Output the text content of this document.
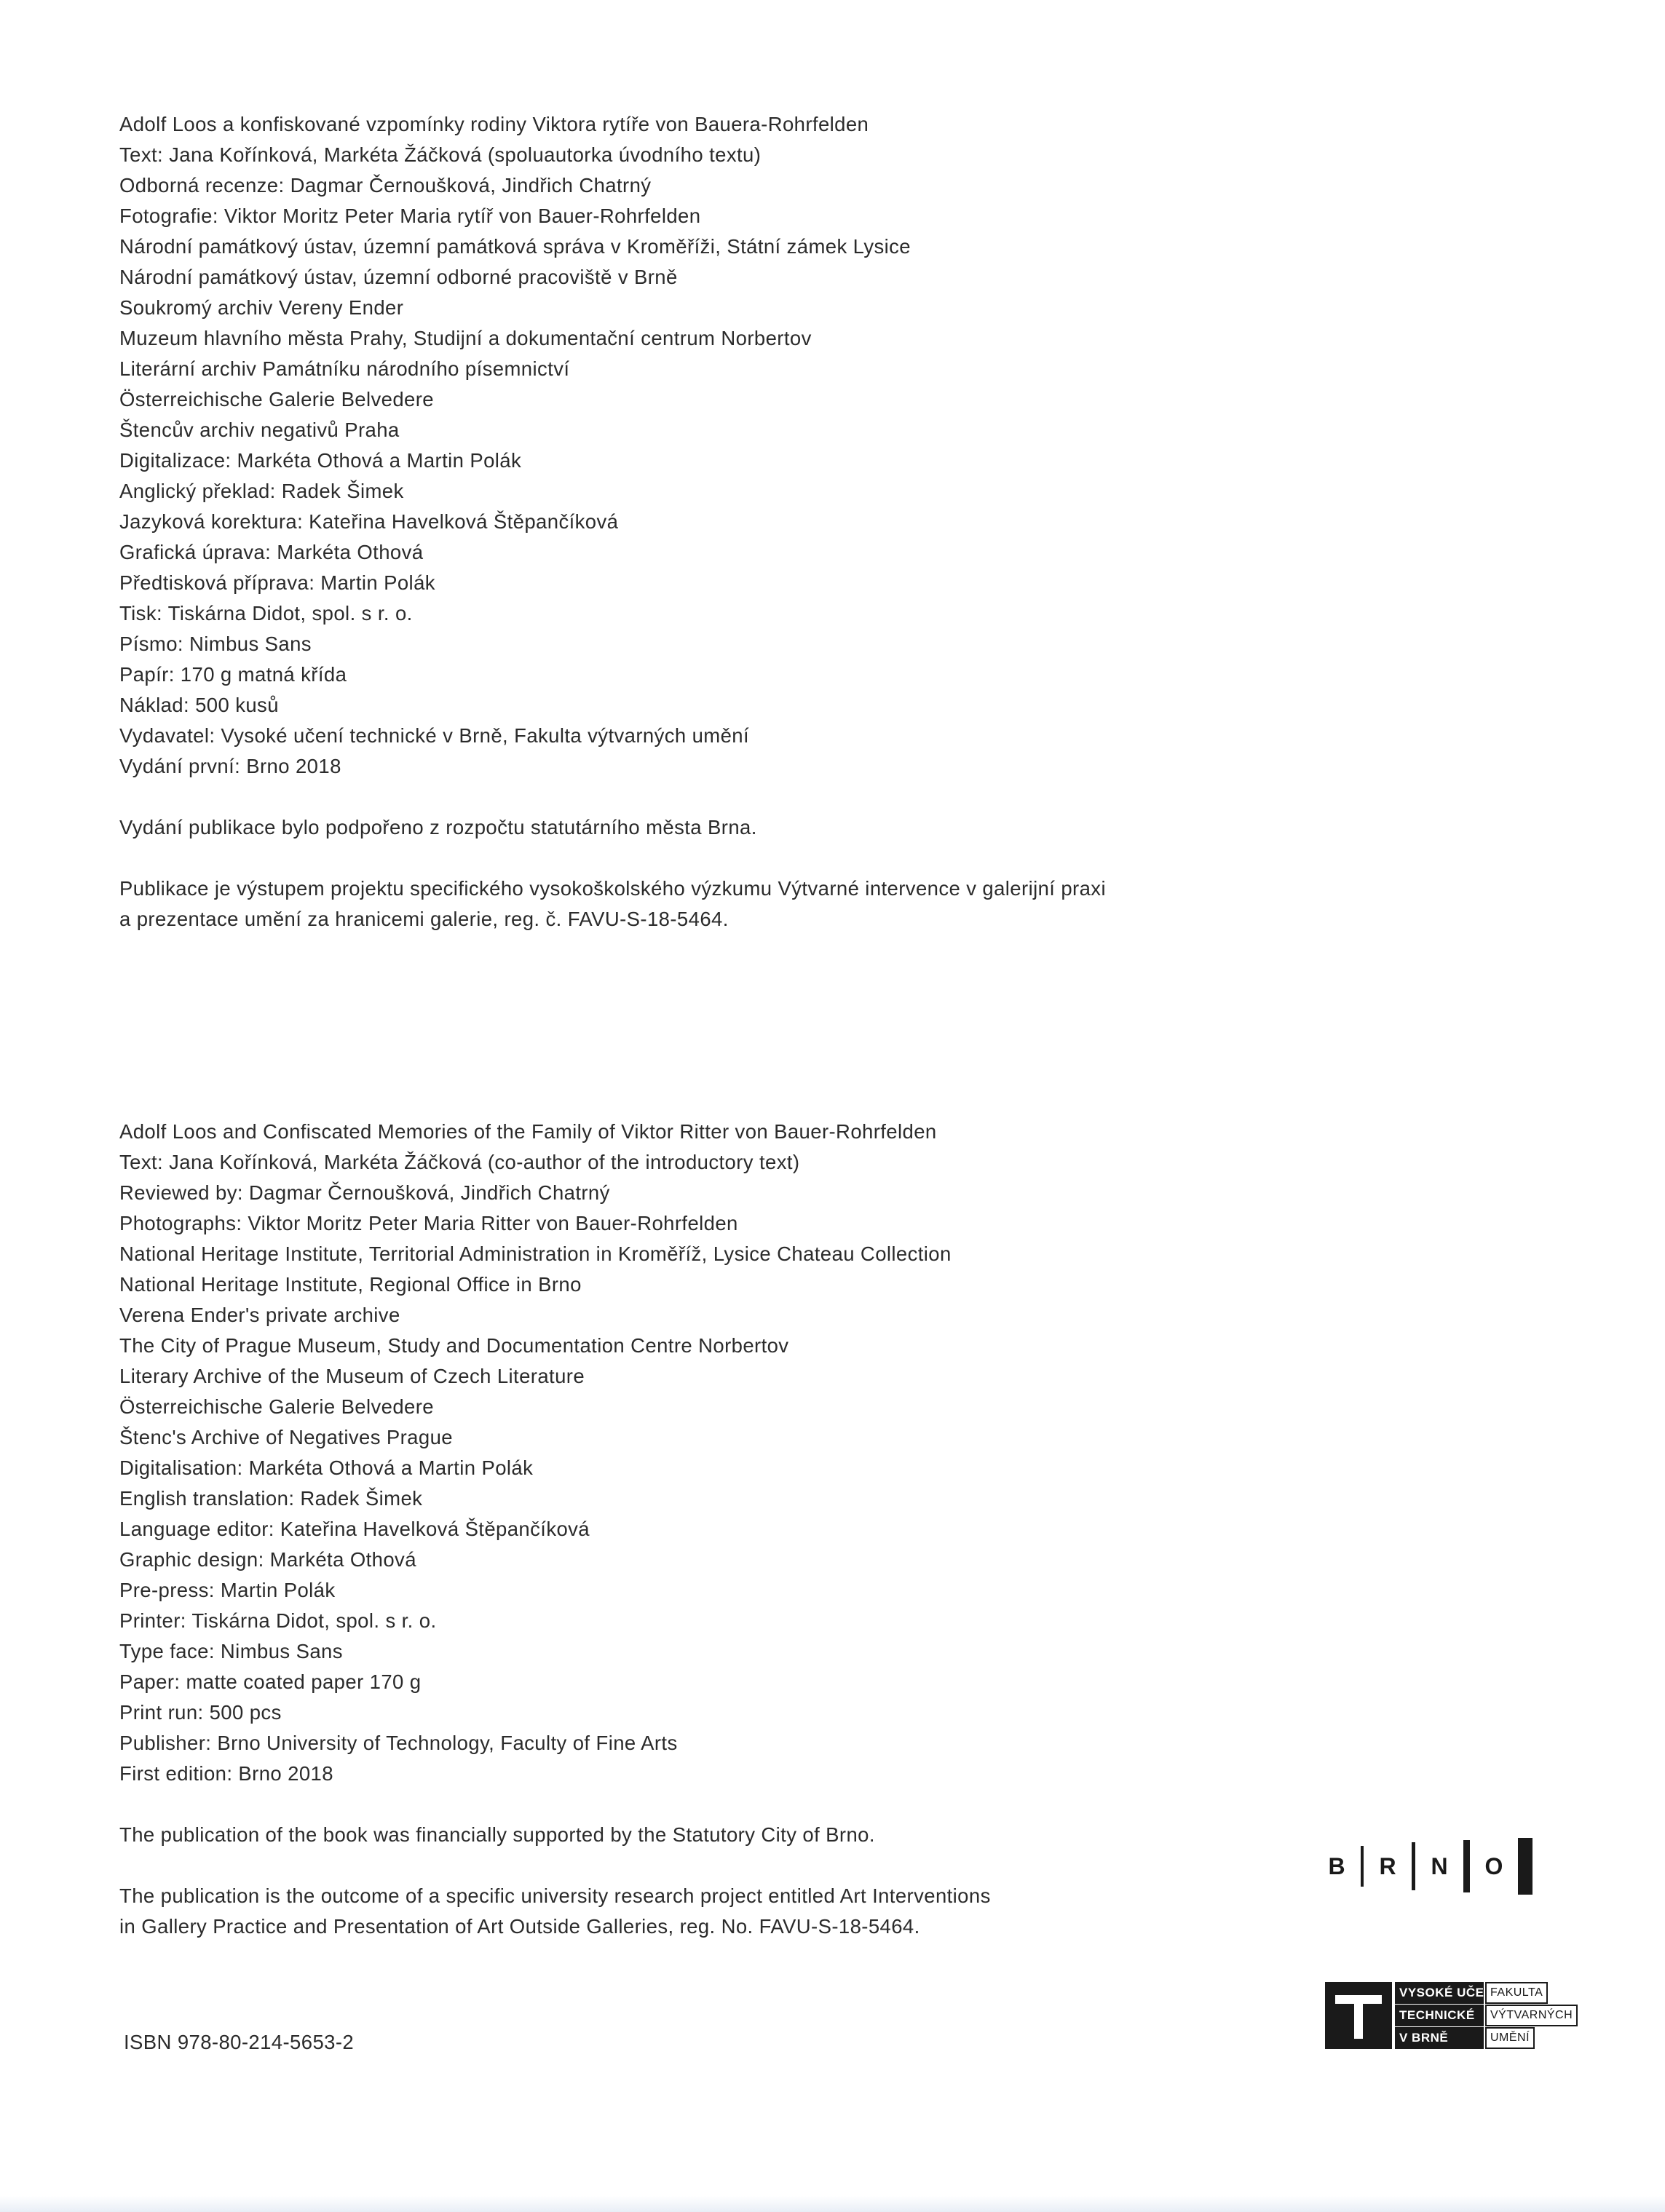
Adolf Loos a konfiskované vzpomínky rodiny Viktora rytíře von Bauera-Rohrfelden
Text: Jana Kořínková, Markéta Žáčková (spoluautorka úvodního textu)
Odborná recenze: Dagmar Černoušková, Jindřich Chatrný
Fotografie: Viktor Moritz Peter Maria rytíř von Bauer-Rohrfelden
Národní památkový ústav, územní památková správa v Kroměříži, Státní zámek Lysice
Národní památkový ústav, územní odborné pracoviště v Brně
Soukromý archiv Vereny Ender
Muzeum hlavního města Prahy, Studijní a dokumentační centrum Norbertov
Literární archiv Památníku národního písemnictví
Österreichische Galerie Belvedere
Štencův archiv negativů Praha
Digitalizace: Markéta Othová a Martin Polák
Anglický překlad: Radek Šimek
Jazyková korektura: Kateřina Havelková Štěpančíková
Grafická úprava: Markéta Othová
Předtisková příprava: Martin Polák
Tisk: Tiskárna Didot, spol. s r. o.
Písmo: Nimbus Sans
Papír: 170 g matná křída
Náklad: 500 kusů
Vydavatel: Vysoké učení technické v Brně, Fakulta výtvarných umění
Vydání první: Brno 2018
Vydání publikace bylo podpořeno z rozpočtu statutárního města Brna.
Publikace je výstupem projektu specifického vysokoškolského výzkumu Výtvarné intervence v galerijní praxi
a prezentace umění za hranicemi galerie, reg. č. FAVU-S-18-5464.
Adolf Loos and Confiscated Memories of the Family of Viktor Ritter von Bauer-Rohrfelden
Text: Jana Kořínková, Markéta Žáčková (co-author of the introductory text)
Reviewed by: Dagmar Černoušková, Jindřich Chatrný
Photographs: Viktor Moritz Peter Maria Ritter von Bauer-Rohrfelden
National Heritage Institute, Territorial Administration in Kroměříž, Lysice Chateau Collection
National Heritage Institute, Regional Office in Brno
Verena Ender's private archive
The City of Prague Museum, Study and Documentation Centre Norbertov
Literary Archive of the Museum of Czech Literature
Österreichische Galerie Belvedere
Štenc's Archive of Negatives Prague
Digitalisation: Markéta Othová a Martin Polák
English translation: Radek Šimek
Language editor: Kateřina Havelková Štěpančíková
Graphic design: Markéta Othová
Pre-press: Martin Polák
Printer: Tiskárna Didot, spol. s r. o.
Type face: Nimbus Sans
Paper: matte coated paper 170 g
Print run: 500 pcs
Publisher: Brno University of Technology, Faculty of Fine Arts
First edition: Brno 2018
The publication of the book was financially supported by the Statutory City of Brno.
The publication is the outcome of a specific university research project entitled Art Interventions
in Gallery Practice and Presentation of Art Outside Galleries, reg. No. FAVU-S-18-5464.
ISBN 978-80-214-5653-2
B R N O
VYSOKÉ UČENÍ
FAKULTA
TECHNICKÉ	VÝTVARNÝCH
V BRNĚ	UMĚNÍ
